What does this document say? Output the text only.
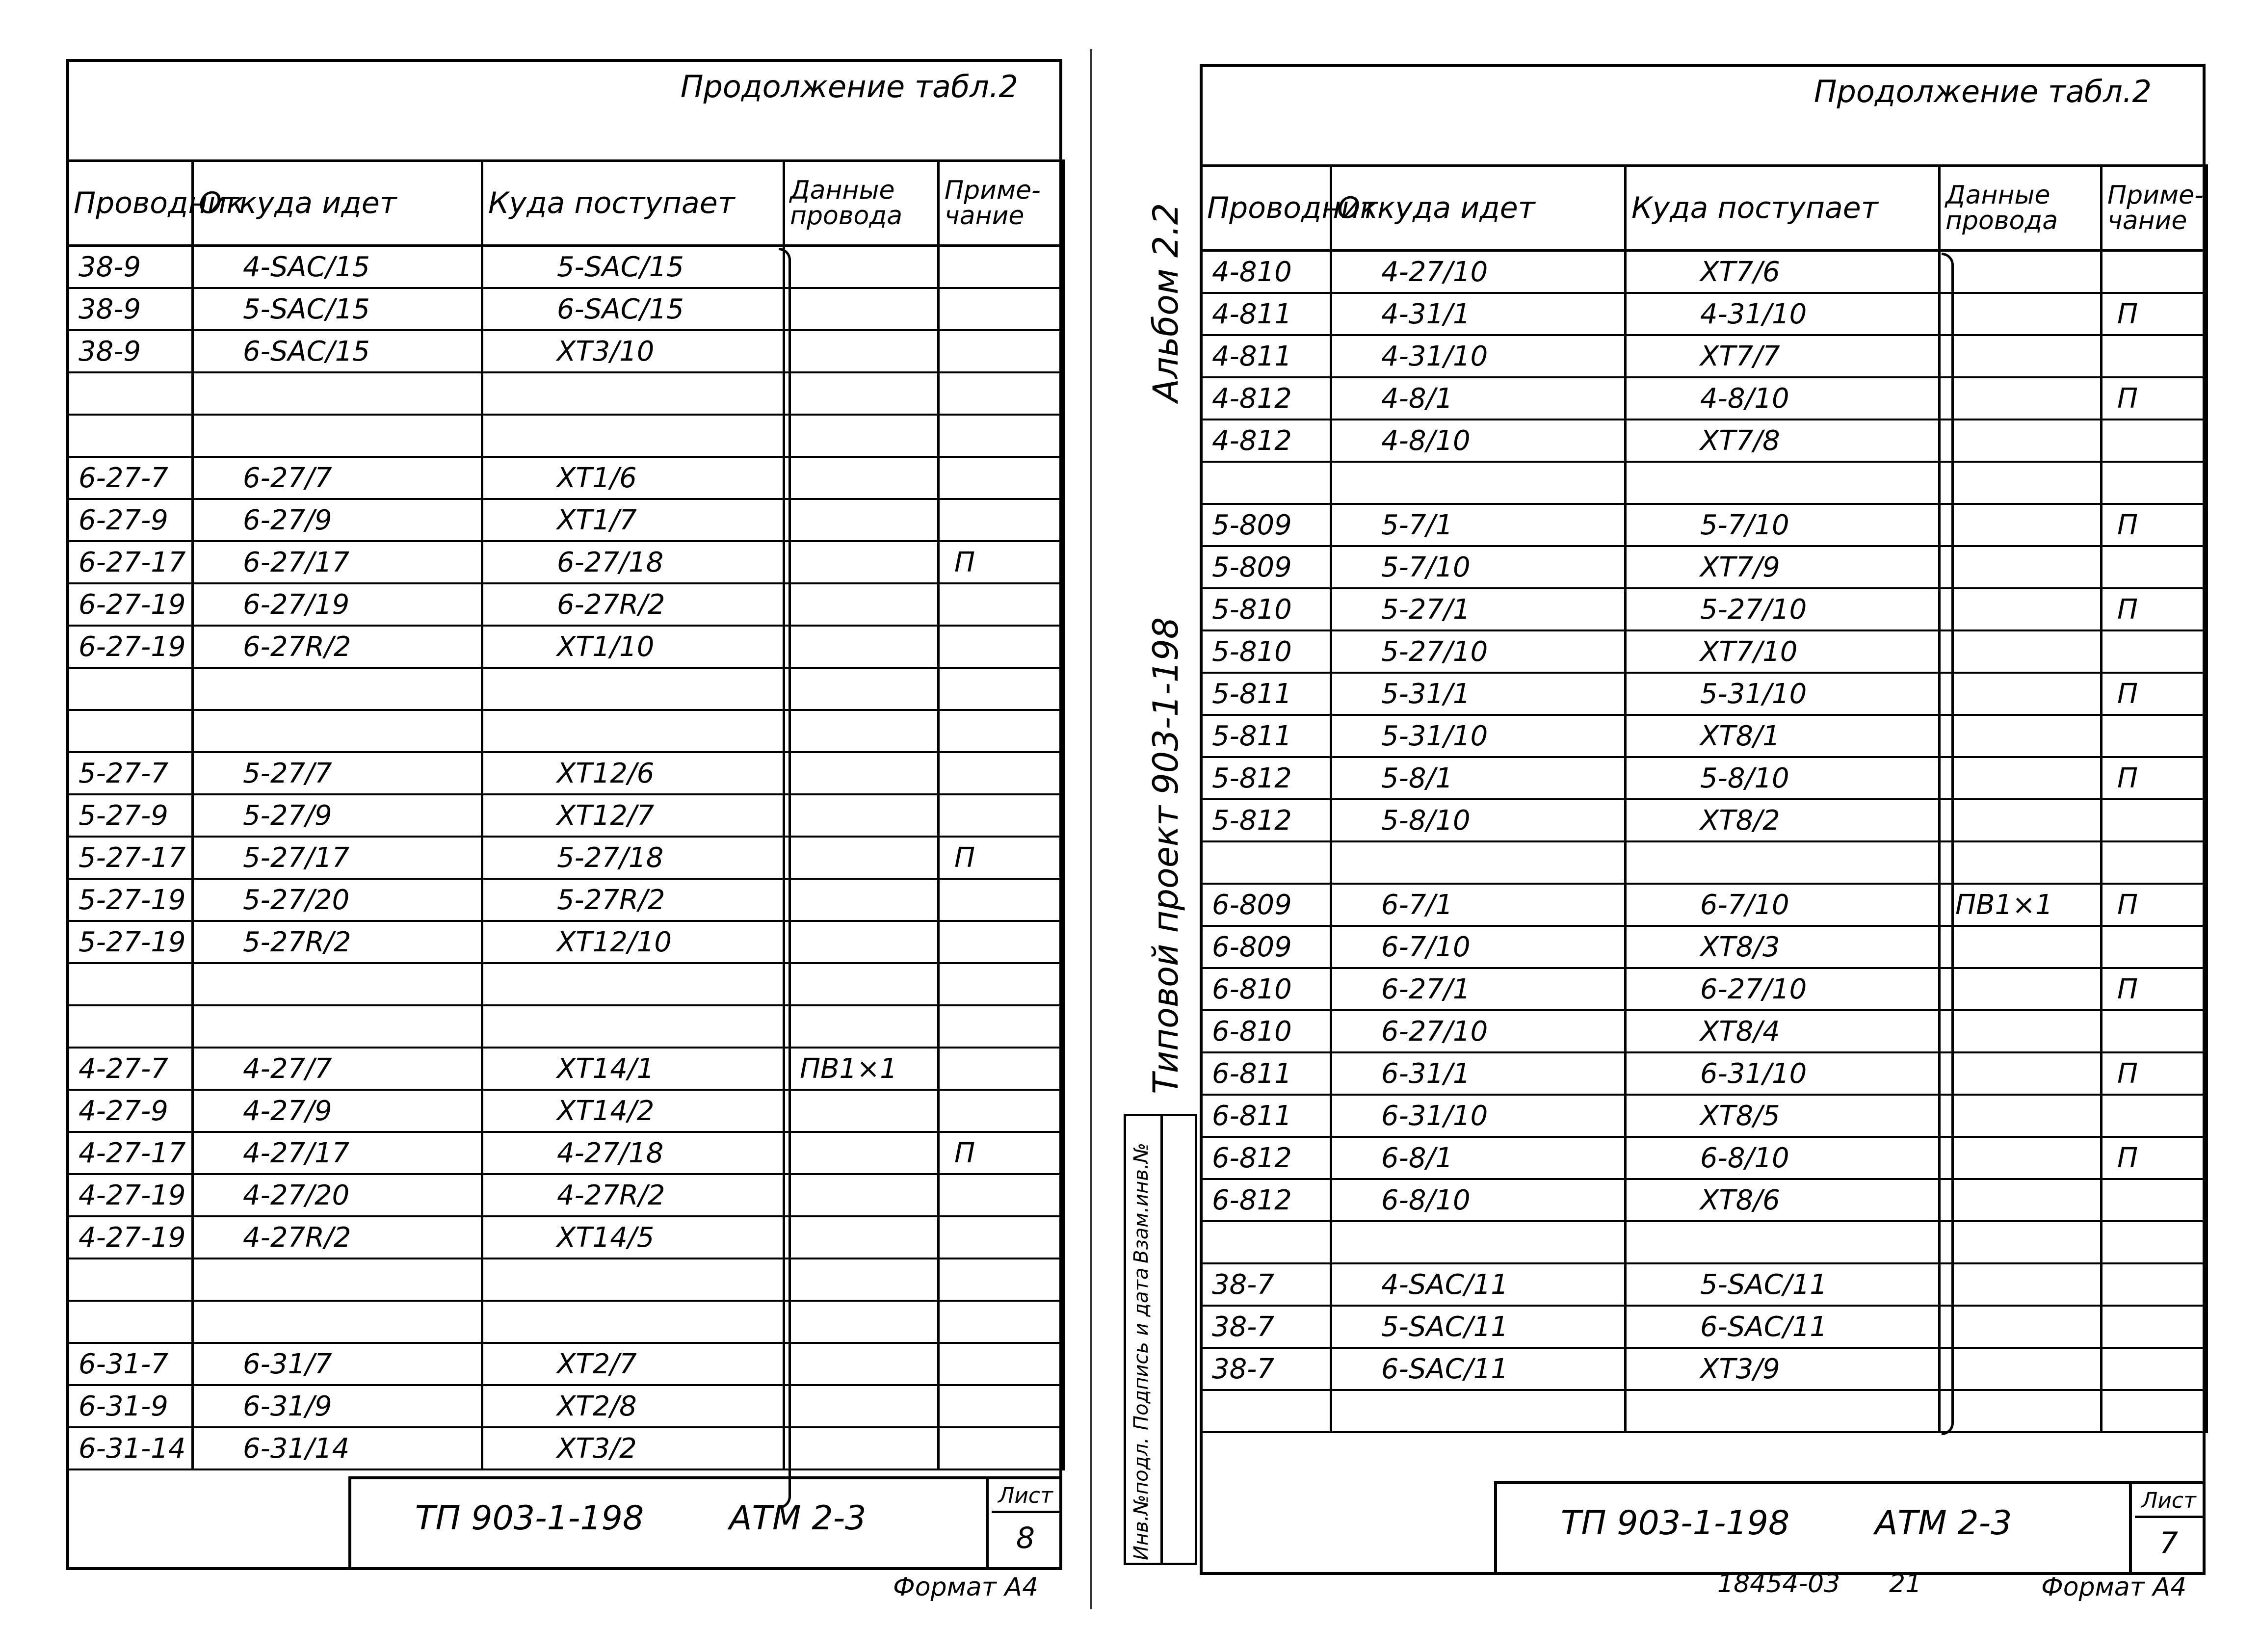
Продолжение табл.2
Проводник	Откуда идет	Куда поступает	Данные провода	Приме-чание
38-9	4-SAC/15	5-SAC/15		
38-9	5-SAC/15	6-SAC/15		
38-9	6-SAC/15	XT3/10		

6-27-7	6-27/7	XT1/6		
6-27-9	6-27/9	XT1/7		
6-27-17	6-27/17	6-27/18		П
6-27-19	6-27/19	6-27R/2		
6-27-19	6-27R/2	XT1/10		

5-27-7	5-27/7	XT12/6		
5-27-9	5-27/9	XT12/7		
5-27-17	5-27/17	5-27/18		П
5-27-19	5-27/20	5-27R/2		
5-27-19	5-27R/2	XT12/10		

4-27-7	4-27/7	XT14/1	ПВ1×1	
4-27-9	4-27/9	XT14/2		
4-27-17	4-27/17	4-27/18		П
4-27-19	4-27/20	4-27R/2		
4-27-19	4-27R/2	XT14/5		

6-31-7	6-31/7	XT2/7		
6-31-9	6-31/9	XT2/8		
6-31-14	6-31/14	XT3/2		
ТП 903-1-198	АТМ 2-3
Лист
8
Формат А4
Продолжение табл.2
Проводник	Откуда идет	Куда поступает	Данные провода	Приме-чание
4-810	4-27/10	XT7/6		
4-811	4-31/1	4-31/10		П
4-811	4-31/10	XT7/7		
4-812	4-8/1	4-8/10		П
4-812	4-8/10	XT7/8		

5-809	5-7/1	5-7/10		П
5-809	5-7/10	XT7/9		
5-810	5-27/1	5-27/10		П
5-810	5-27/10	XT7/10		
5-811	5-31/1	5-31/10		П
5-811	5-31/10	XT8/1		
5-812	5-8/1	5-8/10		П
5-812	5-8/10	XT8/2		

6-809	6-7/1	6-7/10	ПВ1×1	П
6-809	6-7/10	XT8/3		
6-810	6-27/1	6-27/10		П
6-810	6-27/10	XT8/4		
6-811	6-31/1	6-31/10		П
6-811	6-31/10	XT8/5		
6-812	6-8/1	6-8/10		П
6-812	6-8/10	XT8/6		

38-7	4-SAC/11	5-SAC/11		
38-7	5-SAC/11	6-SAC/11		
38-7	6-SAC/11	XT3/9		

ТП 903-1-198	АТМ 2-3
Лист
7
18454-03 21	Формат А4
Альбом 2.2
Типовой проект 903-1-198
Инв.№подл.
Подпись и дата
Взам.инв.№
